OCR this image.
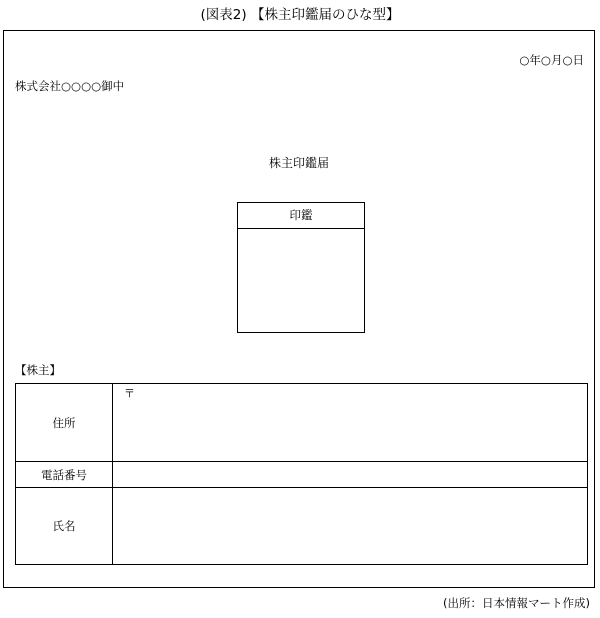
(図表2) 【株主印鑑届のひな型】
○年○月○日
株式会社○○○○御中
株主印鑑届
印鑑
【株主】
住所	〒
電話番号	
氏名	
(出所：日本情報マート作成)
